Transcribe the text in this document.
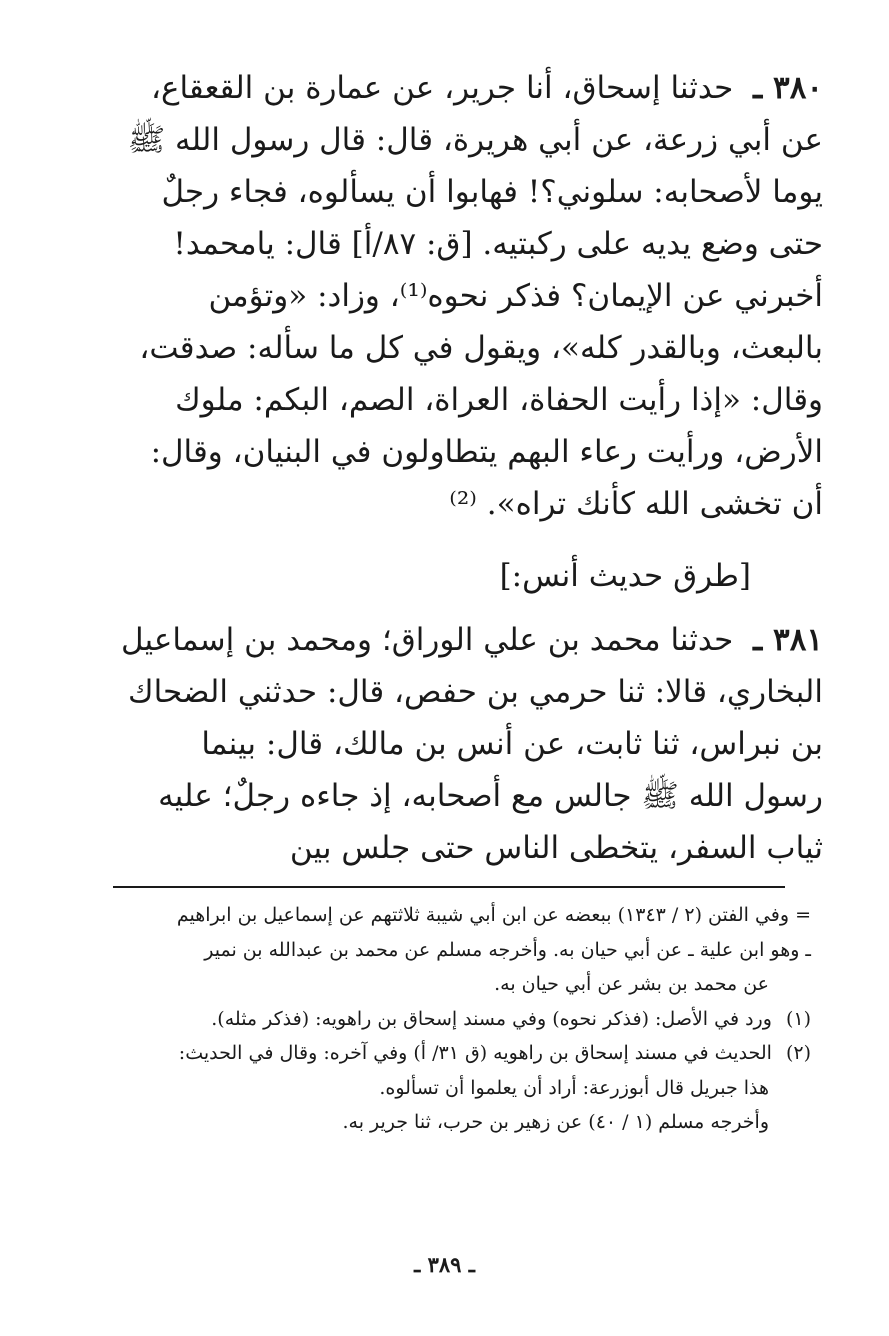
٣٨٠ ـ حدثنا إسحاق، أنا جرير، عن عمارة بن القعقاع، عن أبي زرعة، عن أبي هريرة، قال: قال رسول الله ﷺ يوما لأصحابه: سلوني؟! فهابوا أن يسألوه، فجاء رجلٌ حتى وضع يديه على ركبتيه. [ق: ٨٧/أ] قال: يامحمد! أخبرني عن الإيمان؟ فذكر نحوه⁽¹⁾، وزاد: «وتؤمن بالبعث، وبالقدر كله»، ويقول في كل ما سأله: صدقت، وقال: «إذا رأيت الحفاة، العراة، الصم، البكم: ملوك الأرض، ورأيت رعاء البهم يتطاولون في البنيان، وقال: أن تخشى الله كأنك تراه». ⁽²⁾

[طرق حديث أنس:]

٣٨١ ـ حدثنا محمد بن علي الوراق؛ ومحمد بن إسماعيل البخاري، قالا: ثنا حرمي بن حفص، قال: حدثني الضحاك بن نبراس، ثنا ثابت، عن أنس بن مالك، قال: بينما رسول الله ﷺ جالس مع أصحابه، إذ جاءه رجلٌ؛ عليه ثياب السفر، يتخطى الناس حتى جلس بين

= وفي الفتن (٢ / ١٣٤٣) ببعضه عن ابن أبي شيبة ثلاثتهم عن إسماعيل بن ابراهيم

ـ وهو ابن علية ـ عن أبي حيان به. وأخرجه مسلم عن محمد بن عبدالله بن نمير

عن محمد بن بشر عن أبي حيان به.

(١) ورد في الأصل: (فذكر نحوه) وفي مسند إسحاق بن راهويه: (فذكر مثله).

(٢) الحديث في مسند إسحاق بن راهويه (ق ٣١/ أ) وفي آخره: وقال في الحديث:

هذا جبريل قال أبوزرعة: أراد أن يعلموا أن تسألوه.

وأخرجه مسلم (١ / ٤٠) عن زهير بن حرب، ثنا جرير به.

ـ ٣٨٩ ـ
